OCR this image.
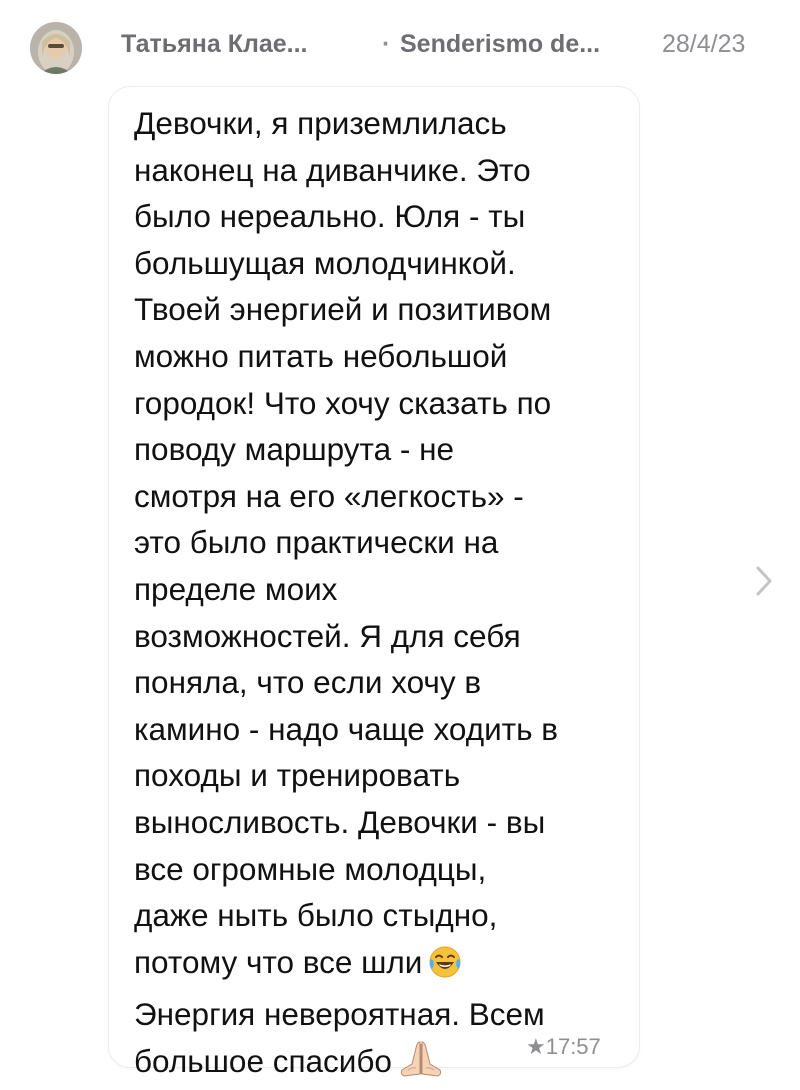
Татьяна Клае...	· Senderismo de... 28/4/23

Девочки, я приземлилась
наконец на диванчике. Это
было нереально. Юля - ты
большущая молодчинкой.
Твоей энергией и позитивом
можно питать небольшой
городок! Что хочу сказать по
поводу маршрута - не
смотря на его «легкость» -
это было практически на
пределе моих
возможностей. Я для себя
поняла, что если хочу в
камино - надо чаще ходить в
походы и тренировать
выносливость. Девочки - вы
все огромные молодцы,
даже ныть было стыдно,
потому что все шли
Энергия невероятная. Всем
большое спасибо	★17:57
